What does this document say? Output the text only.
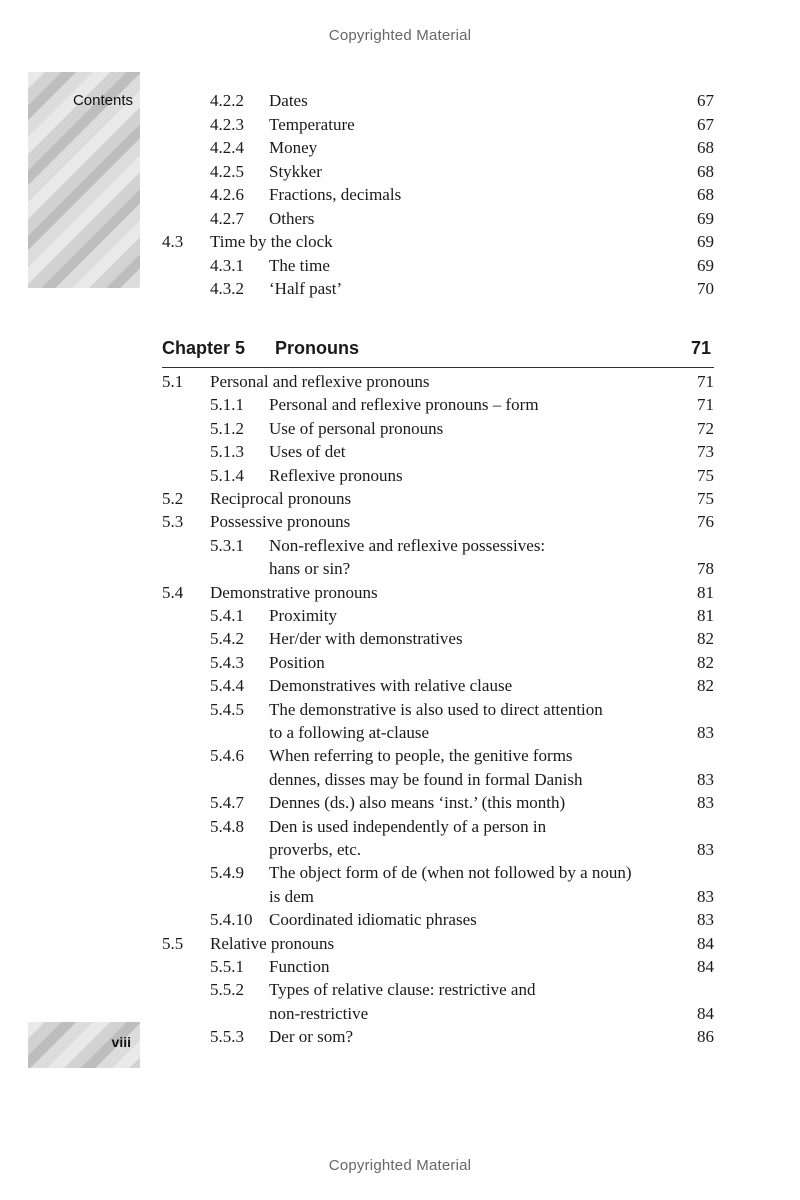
Copyrighted Material
Contents	4.2.2 Dates	67
4.2.3 Temperature	67
4.2.4 Money	68
4.2.5 Stykker	68
4.2.6 Fractions, decimals	68
4.2.7 Others	69
4.3 Time by the clock	69
4.3.1 The time	69
4.3.2 ‘Half past’	70
Chapter 5 Pronouns	71
5.1 Personal and reflexive pronouns	71
5.1.1 Personal and reflexive pronouns – form	71
5.1.2 Use of personal pronouns	72
5.1.3 Uses of det	73
5.1.4 Reflexive pronouns	75
5.2 Reciprocal pronouns	75
5.3 Possessive pronouns	76
5.3.1 Non-reflexive and reflexive possessives:
hans or sin?	78
5.4 Demonstrative pronouns	81
5.4.1 Proximity	81
5.4.2 Her/der with demonstratives	82
5.4.3 Position	82
5.4.4 Demonstratives with relative clause	82
5.4.5 The demonstrative is also used to direct attention
to a following at-clause	83
5.4.6 When referring to people, the genitive forms
dennes, disses may be found in formal Danish	83
5.4.7 Dennes (ds.) also means ‘inst.’ (this month)	83
5.4.8 Den is used independently of a person in
proverbs, etc.	83
5.4.9 The object form of de (when not followed by a noun)
is dem	83
5.4.10 Coordinated idiomatic phrases	83
5.5 Relative pronouns	84
5.5.1 Function	84
5.5.2 Types of relative clause: restrictive and
non-restrictive	84
5.5.3 Der or som?	86
viii
Copyrighted Material
